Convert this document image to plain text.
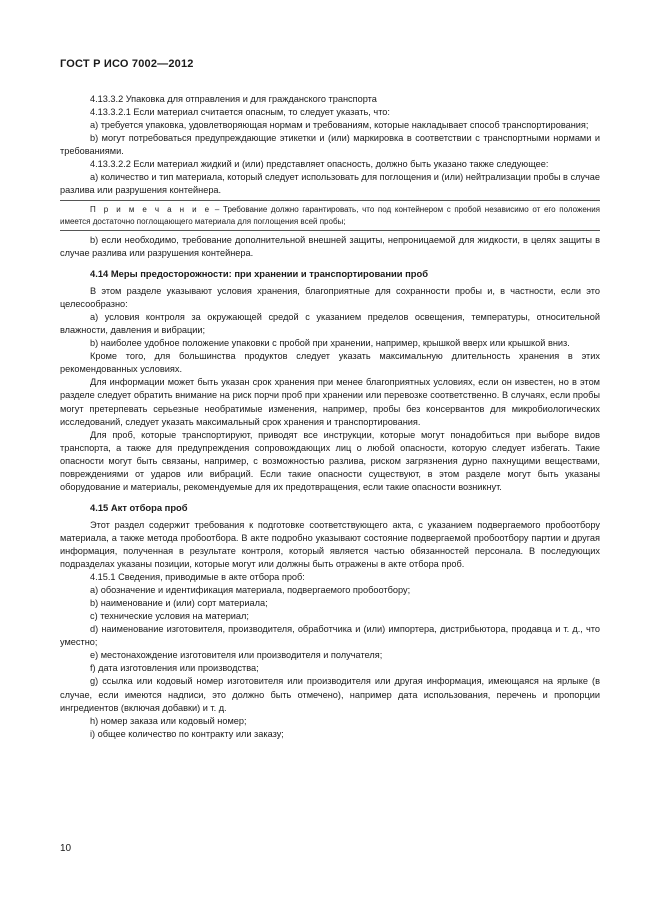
ГОСТ Р ИСО 7002—2012

4.13.3.2 Упаковка для отправления и для гражданского транспорта

4.13.3.2.1 Если материал считается опасным, то следует указать, что:

a) требуется упаковка, удовлетворяющая нормам и требованиям, которые накладывает способ транспортирования;

b) могут потребоваться предупреждающие этикетки и (или) маркировка в соответствии с транспортными нормами и требованиями.

4.13.3.2.2 Если материал жидкий и (или) представляет опасность, должно быть указано также следующее:

a) количество и тип материала, который следует использовать для поглощения и (или) нейтрализации пробы в случае разлива или разрушения контейнера.

П р и м е ч а н и е – Требование должно гарантировать, что под контейнером с пробой независимо от его положения имеется достаточно поглощающего материала для поглощения всей пробы;

b) если необходимо, требование дополнительной внешней защиты, непроницаемой для жидкости, в целях защиты в случае разлива или разрушения контейнера.

4.14 Меры предосторожности: при хранении и транспортировании проб

В этом разделе указывают условия хранения, благоприятные для сохранности пробы и, в частности, если это целесообразно:

a) условия контроля за окружающей средой с указанием пределов освещения, температуры, относительной влажности, давления и вибрации;

b) наиболее удобное положение упаковки с пробой при хранении, например, крышкой вверх или крышкой вниз.

Кроме того, для большинства продуктов следует указать максимальную длительность хранения в этих рекомендованных условиях.

Для информации может быть указан срок хранения при менее благоприятных условиях, если он известен, но в этом разделе следует обратить внимание на риск порчи проб при хранении или перевозке соответственно. В случаях, если пробы могут претерпевать серьезные необратимые изменения, например, пробы без консервантов для микробиологических исследований, следует указать максимальный срок хранения и транспортирования.

Для проб, которые транспортируют, приводят все инструкции, которые могут понадобиться при выборе видов транспорта, а также для предупреждения сопровождающих лиц о любой опасности, которую следует избегать. Такие опасности могут быть связаны, например, с возможностью разлива, риском загрязнения дурно пахнущими веществами, повреждениями от ударов или вибраций. Если такие опасности существуют, в этом разделе могут быть указаны оборудование и материалы, рекомендуемые для их предотвращения, если такие опасности возникнут.

4.15 Акт отбора проб

Этот раздел содержит требования к подготовке соответствующего акта, с указанием подвергаемого пробоотбору материала, а также метода пробоотбора. В акте подробно указывают состояние подвергаемой пробоотбору партии и другая информация, полученная в результате контроля, который является частью обязанностей персонала. В последующих подразделах указаны позиции, которые могут или должны быть отражены в акте отбора проб.

4.15.1 Сведения, приводимые в акте отбора проб:

a) обозначение и идентификация материала, подвергаемого пробоотбору;

b) наименование и (или) сорт материала;

c) технические условия на материал;

d) наименование изготовителя, производителя, обработчика и (или) импортера, дистрибьютора, продавца и т. д., что уместно;

e) местонахождение изготовителя или производителя и получателя;

f) дата изготовления или производства;

g) ссылка или кодовый номер изготовителя или производителя или другая информация, имеющаяся на ярлыке (в случае, если имеются надписи, это должно быть отмечено), например дата использования, перечень и пропорции ингредиентов (включая добавки) и т. д.

h) номер заказа или кодовый номер;

i) общее количество по контракту или заказу;

10
